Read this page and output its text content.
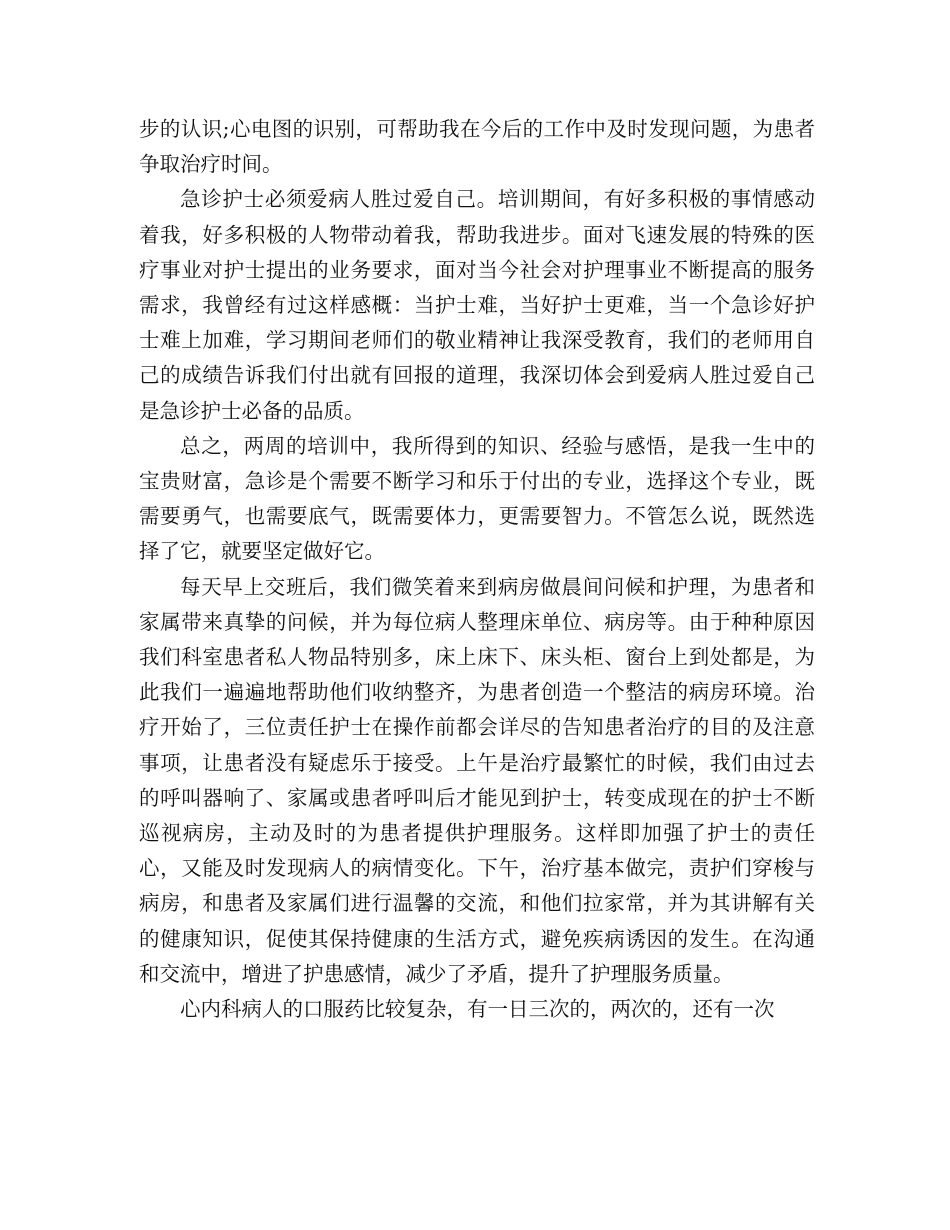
步的认识;心电图的识别，可帮助我在今后的工作中及时发现问题，为患者争取治疗时间。

急诊护士必须爱病人胜过爱自己。培训期间，有好多积极的事情感动着我，好多积极的人物带动着我，帮助我进步。面对飞速发展的特殊的医疗事业对护士提出的业务要求，面对当今社会对护理事业不断提高的服务需求，我曾经有过这样感概：当护士难，当好护士更难，当一个急诊好护士难上加难，学习期间老师们的敬业精神让我深受教育，我们的老师用自己的成绩告诉我们付出就有回报的道理，我深切体会到爱病人胜过爱自己是急诊护士必备的品质。

总之，两周的培训中，我所得到的知识、经验与感悟，是我一生中的宝贵财富，急诊是个需要不断学习和乐于付出的专业，选择这个专业，既需要勇气，也需要底气，既需要体力，更需要智力。不管怎么说，既然选择了它，就要坚定做好它。

每天早上交班后，我们微笑着来到病房做晨间问候和护理，为患者和家属带来真挚的问候，并为每位病人整理床单位、病房等。由于种种原因我们科室患者私人物品特别多，床上床下、床头柜、窗台上到处都是，为此我们一遍遍地帮助他们收纳整齐，为患者创造一个整洁的病房环境。治疗开始了，三位责任护士在操作前都会详尽的告知患者治疗的目的及注意事项，让患者没有疑虑乐于接受。上午是治疗最繁忙的时候，我们由过去的呼叫器响了、家属或患者呼叫后才能见到护士，转变成现在的护士不断巡视病房，主动及时的为患者提供护理服务。这样即加强了护士的责任心，又能及时发现病人的病情变化。下午，治疗基本做完，责护们穿梭与病房，和患者及家属们进行温馨的交流，和他们拉家常，并为其讲解有关的健康知识，促使其保持健康的生活方式，避免疾病诱因的发生。在沟通和交流中，增进了护患感情，减少了矛盾，提升了护理服务质量。

心内科病人的口服药比较复杂，有一日三次的，两次的，还有一次
